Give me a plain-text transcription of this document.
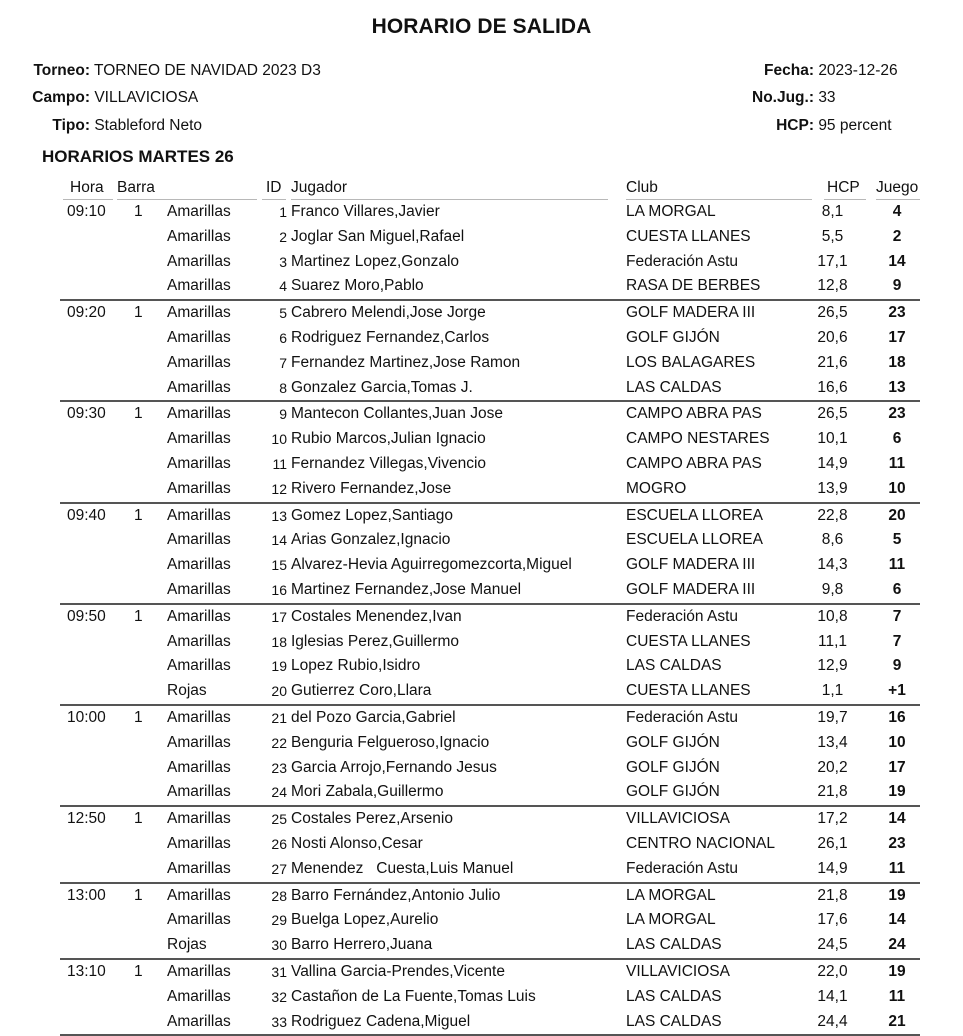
HORARIO DE SALIDA
Torneo: TORNEO DE NAVIDAD 2023 D3
Campo: VILLAVICIOSA
Tipo: Stableford Neto
Fecha: 2023-12-26
No.Jug.: 33
HCP: 95 percent
HORARIOS MARTES 26
Hora Barra	ID Jugador	Club	HCP Juego
09:10 1 Amarillas	1 Franco Villares,Javier	LA MORGAL	8,1	4
Amarillas	2 Joglar San Miguel,Rafael	CUESTA LLANES	5,5	2
Amarillas	3 Martinez Lopez,Gonzalo	Federación Astu	17,1	14
Amarillas	4 Suarez Moro,Pablo	RASA DE BERBES	12,8	9
09:20 1 Amarillas	5 Cabrero Melendi,Jose Jorge	GOLF MADERA III	26,5	23
Amarillas	6 Rodriguez Fernandez,Carlos	GOLF GIJÓN	20,6	17
Amarillas	7 Fernandez Martinez,Jose Ramon	LOS BALAGARES	21,6	18
Amarillas	8 Gonzalez Garcia,Tomas J.	LAS CALDAS	16,6	13
09:30 1 Amarillas	9 Mantecon Collantes,Juan Jose	CAMPO ABRA PAS	26,5	23
Amarillas	10 Rubio Marcos,Julian Ignacio	CAMPO NESTARES	10,1	6
Amarillas	11 Fernandez Villegas,Vivencio	CAMPO ABRA PAS	14,9	11
Amarillas	12 Rivero Fernandez,Jose	MOGRO	13,9	10
09:40 1 Amarillas	13 Gomez Lopez,Santiago	ESCUELA LLOREA	22,8	20
Amarillas	14 Arias Gonzalez,Ignacio	ESCUELA LLOREA	8,6	5
Amarillas	15 Alvarez-Hevia Aguirregomezcorta,Miguel	GOLF MADERA III	14,3	11
Amarillas	16 Martinez Fernandez,Jose Manuel	GOLF MADERA III	9,8	6
09:50 1 Amarillas	17 Costales Menendez,Ivan	Federación Astu	10,8	7
Amarillas	18 Iglesias Perez,Guillermo	CUESTA LLANES	11,1	7
Amarillas	19 Lopez Rubio,Isidro	LAS CALDAS	12,9	9
Rojas	20 Gutierrez Coro,Llara	CUESTA LLANES	1,1	+1
10:00 1 Amarillas	21 del Pozo Garcia,Gabriel	Federación Astu	19,7	16
Amarillas	22 Benguria Felgueroso,Ignacio	GOLF GIJÓN	13,4	10
Amarillas	23 Garcia Arrojo,Fernando Jesus	GOLF GIJÓN	20,2	17
Amarillas	24 Mori Zabala,Guillermo	GOLF GIJÓN	21,8	19
12:50 1 Amarillas	25 Costales Perez,Arsenio	VILLAVICIOSA	17,2	14
Amarillas	26 Nosti Alonso,Cesar	CENTRO NACIONAL	26,1	23
Amarillas	27 Menendez   Cuesta,Luis Manuel	Federación Astu	14,9	11
13:00 1 Amarillas	28 Barro Fernández,Antonio Julio	LA MORGAL	21,8	19
Amarillas	29 Buelga Lopez,Aurelio	LA MORGAL	17,6	14
Rojas	30 Barro Herrero,Juana	LAS CALDAS	24,5	24
13:10 1 Amarillas	31 Vallina Garcia-Prendes,Vicente	VILLAVICIOSA	22,0	19
Amarillas	32 Castañon de La Fuente,Tomas Luis	LAS CALDAS	14,1	11
Amarillas	33 Rodriguez Cadena,Miguel	LAS CALDAS	24,4	21
